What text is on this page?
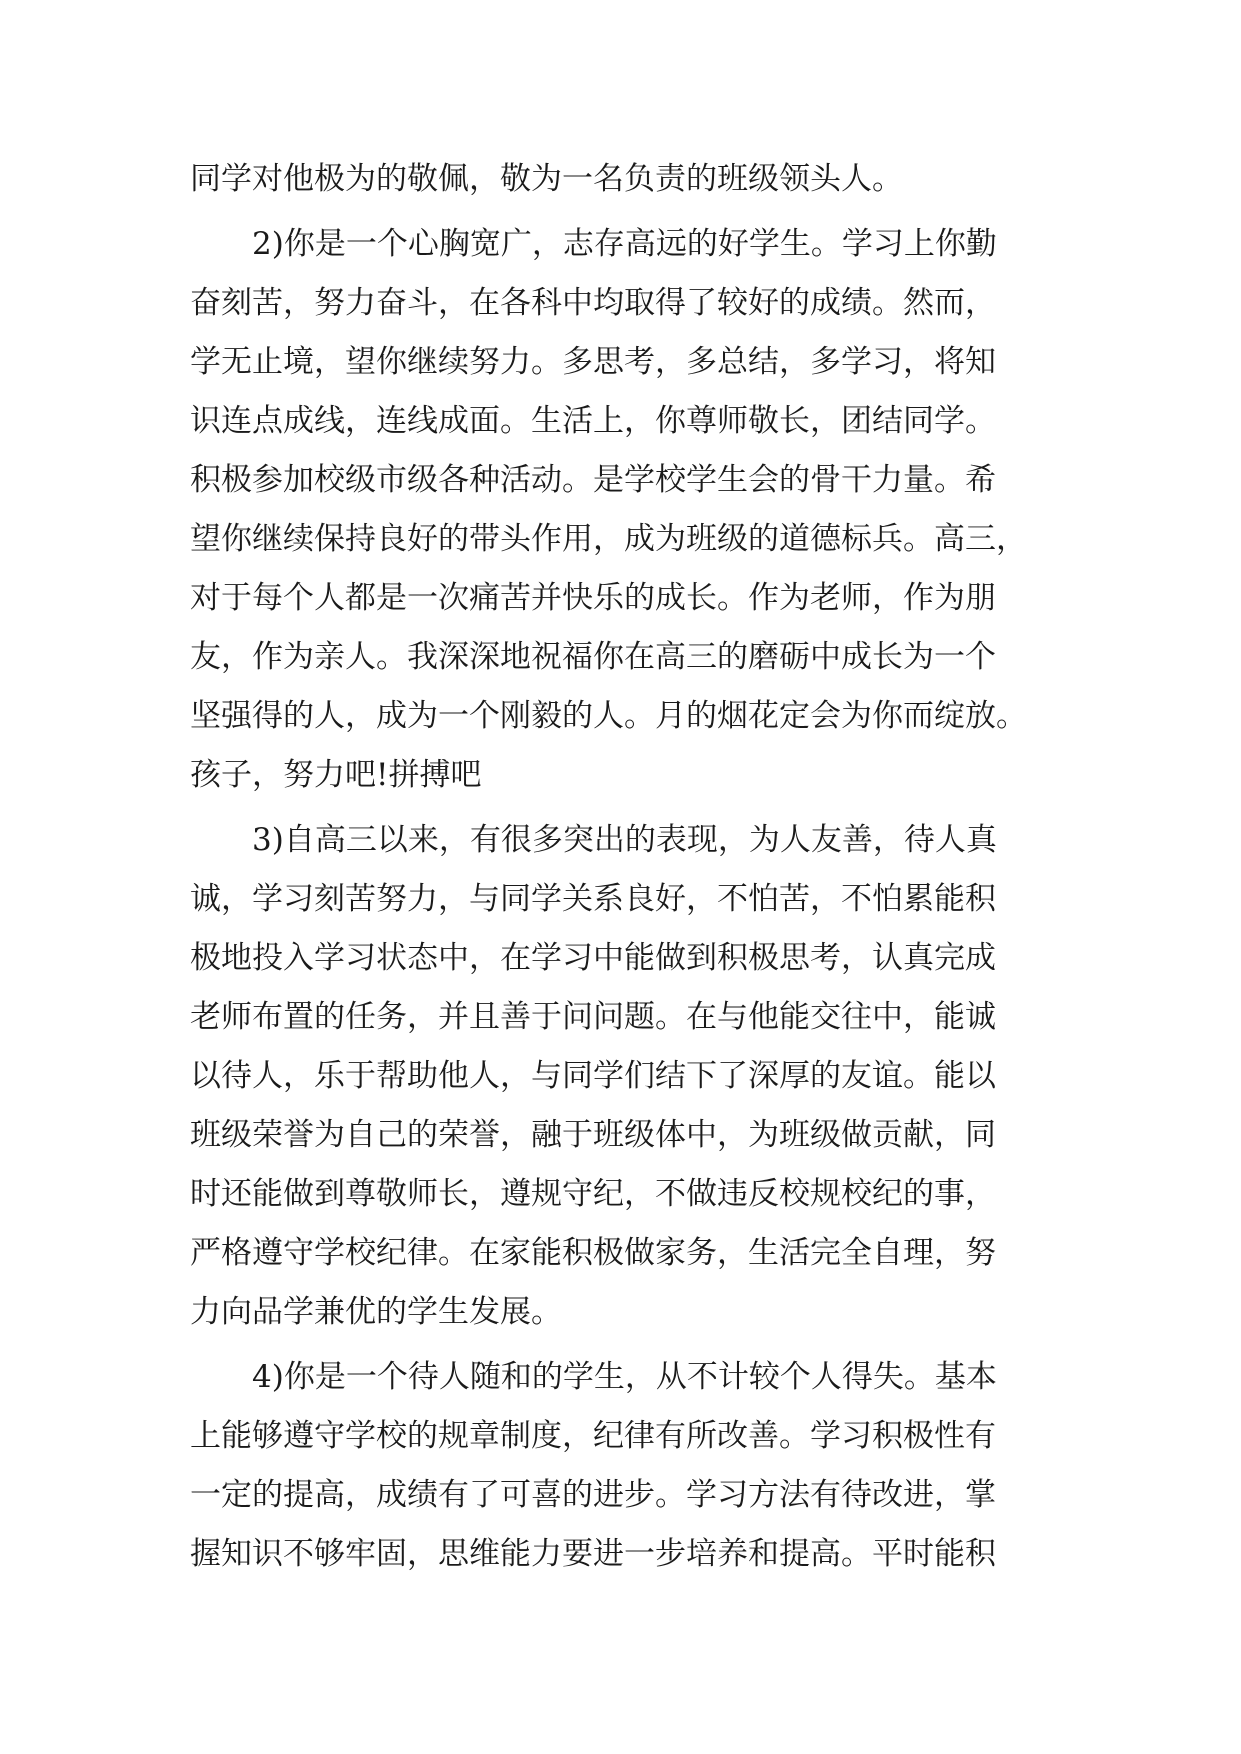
同学对他极为的敬佩，敬为一名负责的班级领头人。
2)你是一个心胸宽广，志存高远的好学生。学习上你勤
奋刻苦，努力奋斗，在各科中均取得了较好的成绩。然而，
学无止境，望你继续努力。多思考，多总结，多学习，将知
识连点成线，连线成面。生活上，你尊师敬长，团结同学。
积极参加校级市级各种活动。是学校学生会的骨干力量。希
望你继续保持良好的带头作用，成为班级的道德标兵。高三，
对于每个人都是一次痛苦并快乐的成长。作为老师，作为朋
友，作为亲人。我深深地祝福你在高三的磨砺中成长为一个
坚强得的人，成为一个刚毅的人。月的烟花定会为你而绽放。
孩子，努力吧!拼搏吧
3)自高三以来，有很多突出的表现，为人友善，待人真
诚，学习刻苦努力，与同学关系良好，不怕苦，不怕累能积
极地投入学习状态中，在学习中能做到积极思考，认真完成
老师布置的任务，并且善于问问题。在与他能交往中，能诚
以待人，乐于帮助他人，与同学们结下了深厚的友谊。能以
班级荣誉为自己的荣誉，融于班级体中，为班级做贡献，同
时还能做到尊敬师长，遵规守纪，不做违反校规校纪的事，
严格遵守学校纪律。在家能积极做家务，生活完全自理，努
力向品学兼优的学生发展。
4)你是一个待人随和的学生，从不计较个人得失。基本
上能够遵守学校的规章制度，纪律有所改善。学习积极性有
一定的提高，成绩有了可喜的进步。学习方法有待改进，掌
握知识不够牢固，思维能力要进一步培养和提高。平时能积
